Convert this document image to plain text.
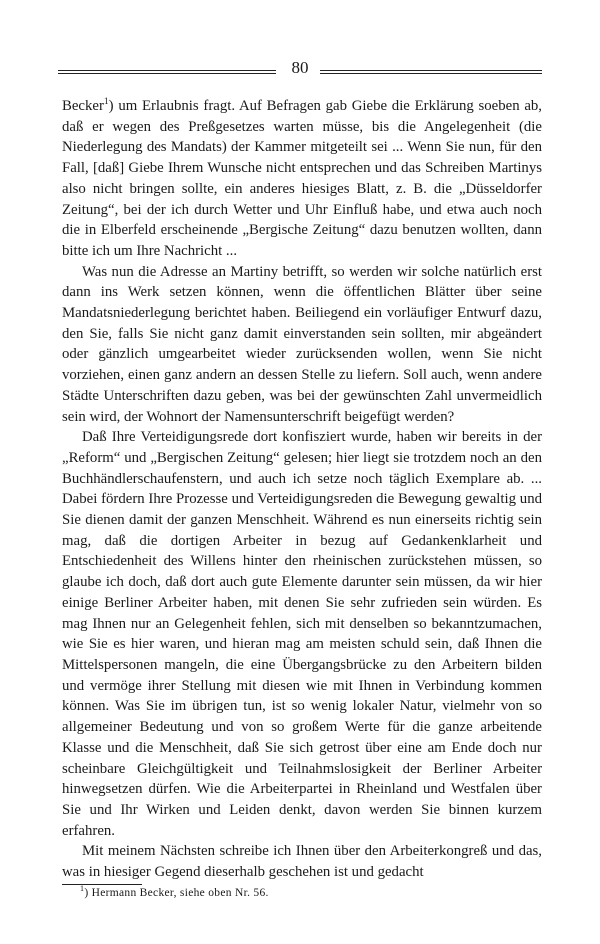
80

Becker$^1$) um Erlaubnis fragt. Auf Befragen gab Giebe die Erklärung soeben ab, daß er wegen des Preßgesetzes warten müsse, bis die Angelegenheit (die Niederlegung des Mandats) der Kammer mitgeteilt sei ... Wenn Sie nun, für den Fall, [daß] Giebe Ihrem Wunsche nicht entsprechen und das Schreiben Martinys also nicht bringen sollte, ein anderes hiesiges Blatt, z. B. die „Düsseldorfer Zeitung“, bei der ich durch Wetter und Uhr Einfluß habe, und etwa auch noch die in Elberfeld erscheinende „Bergische Zeitung“ dazu benutzen wollten, dann bitte ich um Ihre Nachricht ...

Was nun die Adresse an Martiny betrifft, so werden wir solche natürlich erst dann ins Werk setzen können, wenn die öffentlichen Blätter über seine Mandatsniederlegung berichtet haben. Beiliegend ein vorläufiger Entwurf dazu, den Sie, falls Sie nicht ganz damit einverstanden sein sollten, mir abgeändert oder gänzlich umgearbeitet wieder zurücksenden wollen, wenn Sie nicht vorziehen, einen ganz andern an dessen Stelle zu liefern. Soll auch, wenn andere Städte Unterschriften dazu geben, was bei der gewünschten Zahl unvermeidlich sein wird, der Wohnort der Namensunterschrift beigefügt werden?

Daß Ihre Verteidigungsrede dort konfisziert wurde, haben wir bereits in der „Reform“ und „Bergischen Zeitung“ gelesen; hier liegt sie trotzdem noch an den Buchhändlerschaufenstern, und auch ich setze noch täglich Exemplare ab. ... Dabei fördern Ihre Prozesse und Verteidigungsreden die Bewegung gewaltig und Sie dienen damit der ganzen Menschheit. Während es nun einerseits richtig sein mag, daß die dortigen Arbeiter in bezug auf Gedankenklarheit und Entschiedenheit des Willens hinter den rheinischen zurückstehen müssen, so glaube ich doch, daß dort auch gute Elemente darunter sein müssen, da wir hier einige Berliner Arbeiter haben, mit denen Sie sehr zufrieden sein würden. Es mag Ihnen nur an Gelegenheit fehlen, sich mit denselben so bekanntzumachen, wie Sie es hier waren, und hieran mag am meisten schuld sein, daß Ihnen die Mittelspersonen mangeln, die eine Übergangsbrücke zu den Arbeitern bilden und vermöge ihrer Stellung mit diesen wie mit Ihnen in Verbindung kommen können. Was Sie im übrigen tun, ist so wenig lokaler Natur, vielmehr von so allgemeiner Bedeutung und von so großem Werte für die ganze arbeitende Klasse und die Menschheit, daß Sie sich getrost über eine am Ende doch nur scheinbare Gleichgültigkeit und Teilnahmslosigkeit der Berliner Arbeiter hinwegsetzen dürfen. Wie die Arbeiterpartei in Rheinland und Westfalen über Sie und Ihr Wirken und Leiden denkt, davon werden Sie binnen kurzem erfahren.

Mit meinem Nächsten schreibe ich Ihnen über den Arbeiterkongreß und das, was in hiesiger Gegend dieserhalb geschehen ist und gedacht

$^1$) Hermann Becker, siehe oben Nr. 56.
